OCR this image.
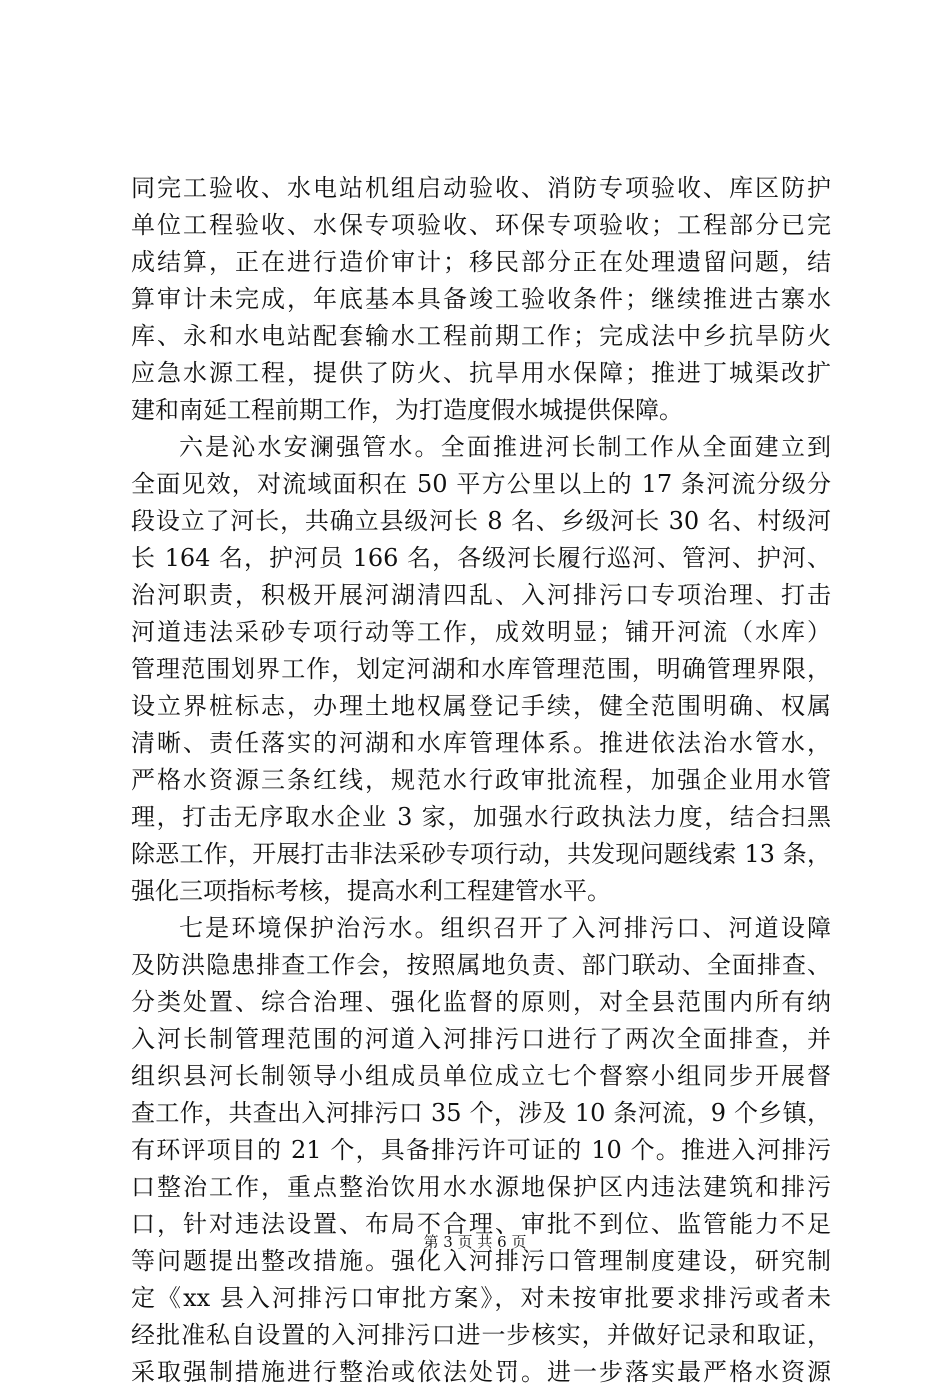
同完工验收、水电站机组启动验收、消防专项验收、库区防护
单位工程验收、水保专项验收、环保专项验收；工程部分已完
成结算，正在进行造价审计；移民部分正在处理遗留问题，结
算审计未完成，年底基本具备竣工验收条件；继续推进古寨水
库、永和水电站配套输水工程前期工作；完成法中乡抗旱防火
应急水源工程，提供了防火、抗旱用水保障；推进丁城渠改扩
建和南延工程前期工作，为打造度假水城提供保障。
六是沁水安澜强管水。全面推进河长制工作从全面建立到
全面见效，对流域面积在 50 平方公里以上的 17 条河流分级分
段设立了河长，共确立县级河长 8 名、乡级河长 30 名、村级河
长 164 名，护河员 166 名，各级河长履行巡河、管河、护河、
治河职责，积极开展河湖清四乱、入河排污口专项治理、打击
河道违法采砂专项行动等工作，成效明显；铺开河流（水库）
管理范围划界工作，划定河湖和水库管理范围，明确管理界限，
设立界桩标志，办理土地权属登记手续，健全范围明确、权属
清晰、责任落实的河湖和水库管理体系。推进依法治水管水，
严格水资源三条红线，规范水行政审批流程，加强企业用水管
理，打击无序取水企业 3 家，加强水行政执法力度，结合扫黑
除恶工作，开展打击非法采砂专项行动，共发现问题线索 13 条，
强化三项指标考核，提高水利工程建管水平。
七是环境保护治污水。组织召开了入河排污口、河道设障
及防洪隐患排查工作会，按照属地负责、部门联动、全面排查、
分类处置、综合治理、强化监督的原则，对全县范围内所有纳
入河长制管理范围的河道入河排污口进行了两次全面排查，并
组织县河长制领导小组成员单位成立七个督察小组同步开展督
查工作，共查出入河排污口 35 个，涉及 10 条河流，9 个乡镇，
有环评项目的 21 个，具备排污许可证的 10 个。推进入河排污
口整治工作，重点整治饮用水水源地保护区内违法建筑和排污
口，针对违法设置、布局不合理、审批不到位、监管能力不足
等问题提出整改措施。强化入河排污口管理制度建设，研究制
定《xx 县入河排污口审批方案》，对未按审批要求排污或者未
经批准私自设置的入河排污口进一步核实，并做好记录和取证，
采取强制措施进行整治或依法处罚。进一步落实最严格水资源
第 3 页 共 6 页
